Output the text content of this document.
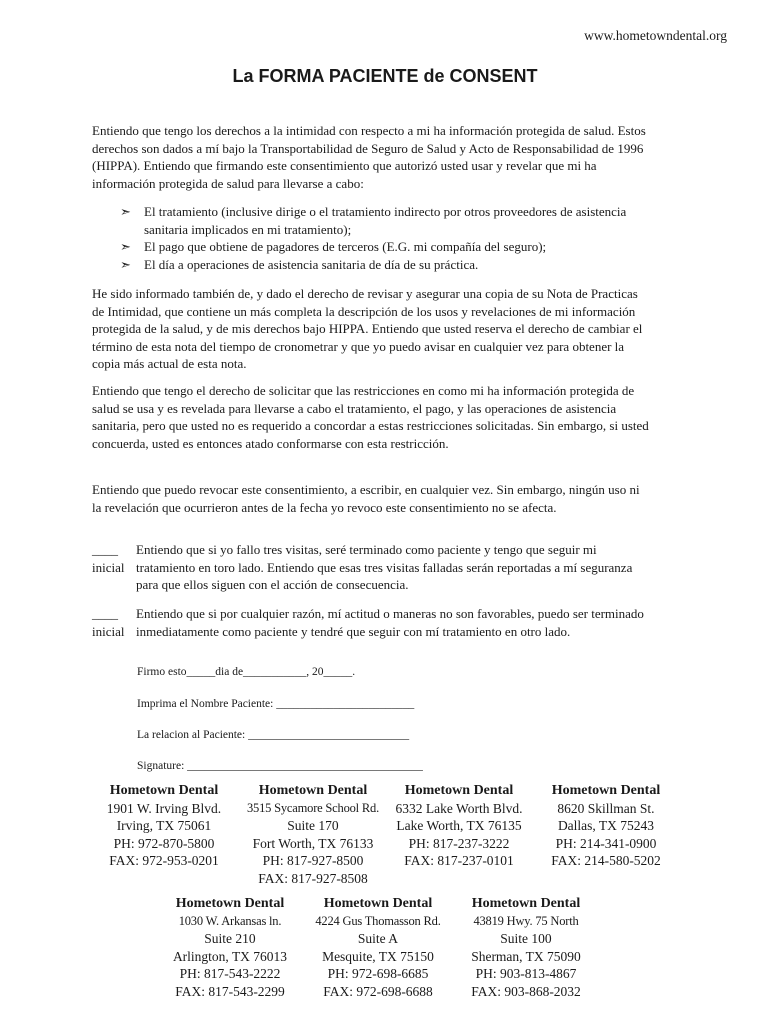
www.hometowndental.org
La FORMA PACIENTE de CONSENT
Entiendo que tengo los derechos a la intimidad con respecto a mi ha información protegida de salud. Estos derechos son dados a mí bajo la Transportabilidad de Seguro de Salud y Acto de Responsabilidad de 1996 (HIPPA). Entiendo que firmando este consentimiento que autorizó usted usar y revelar que mi ha información protegida de salud para llevarse a cabo:
➣	El tratamiento (inclusive dirige o el tratamiento indirecto por otros proveedores de asistencia sanitaria implicados en mi tratamiento);
➣	El pago que obtiene de pagadores de terceros (E.G. mi compañía del seguro);
➣	El día a operaciones de asistencia sanitaria de día de su práctica.
He sido informado también de, y dado el derecho de revisar y asegurar una copia de su Nota de Practicas de Intimidad, que contiene un más completa la descripción de los usos y revelaciones de mi información protegida de la salud, y de mis derechos bajo HIPPA. Entiendo que usted reserva el derecho de cambiar el término de esta nota del tiempo de cronometrar y que yo puedo avisar en cualquier vez para obtener la copia más actual de esta nota.
Entiendo que tengo el derecho de solicitar que las restricciones en como mi ha información protegida de salud se usa y es revelada para llevarse a cabo el tratamiento, el pago, y las operaciones de asistencia sanitaria, pero que usted no es requerido a concordar a estas restricciones solicitadas. Sin embargo, si usted concuerda, usted es entonces atado conformarse con esta restricción.
Entiendo que puedo revocar este consentimiento, a escribir, en cualquier vez. Sin embargo, ningún uso ni la revelación que ocurrieron antes de la fecha yo revoco este consentimiento no se afecta.
____
inicial
Entiendo que si yo fallo tres visitas, seré terminado como paciente y tengo que seguir mi tratamiento en toro lado. Entiendo que esas tres visitas falladas serán reportadas a mí seguranza para que ellos siguen con el acción de consecuencia.
____
inicial
Entiendo que si por cualquier razón, mí actitud o maneras no son favorables, puedo ser terminado inmediatamente como paciente y tendré que seguir con mí tratamiento en otro lado.
Firmo esto_____dia de___________, 20_____.
Imprima el Nombre Paciente: ________________________
La relacion al Paciente: ____________________________
Signature: _________________________________________
Hometown Dental
1901 W. Irving Blvd.
Irving, TX 75061
PH: 972-870-5800
FAX: 972-953-0201
Hometown Dental
3515 Sycamore School Rd.
Suite 170
Fort Worth, TX 76133
PH: 817-927-8500
FAX: 817-927-8508
Hometown Dental
6332 Lake Worth Blvd.
Lake Worth, TX 76135
PH: 817-237-3222
FAX: 817-237-0101
Hometown Dental
8620 Skillman St.
Dallas, TX 75243
PH: 214-341-0900
FAX: 214-580-5202
Hometown Dental
1030 W. Arkansas ln.
Suite 210
Arlington, TX 76013
PH: 817-543-2222
FAX: 817-543-2299
Hometown Dental
4224 Gus Thomasson Rd.
Suite A
Mesquite, TX 75150
PH: 972-698-6685
FAX: 972-698-6688
Hometown Dental
43819 Hwy. 75 North
Suite 100
Sherman, TX 75090
PH: 903-813-4867
FAX: 903-868-2032
